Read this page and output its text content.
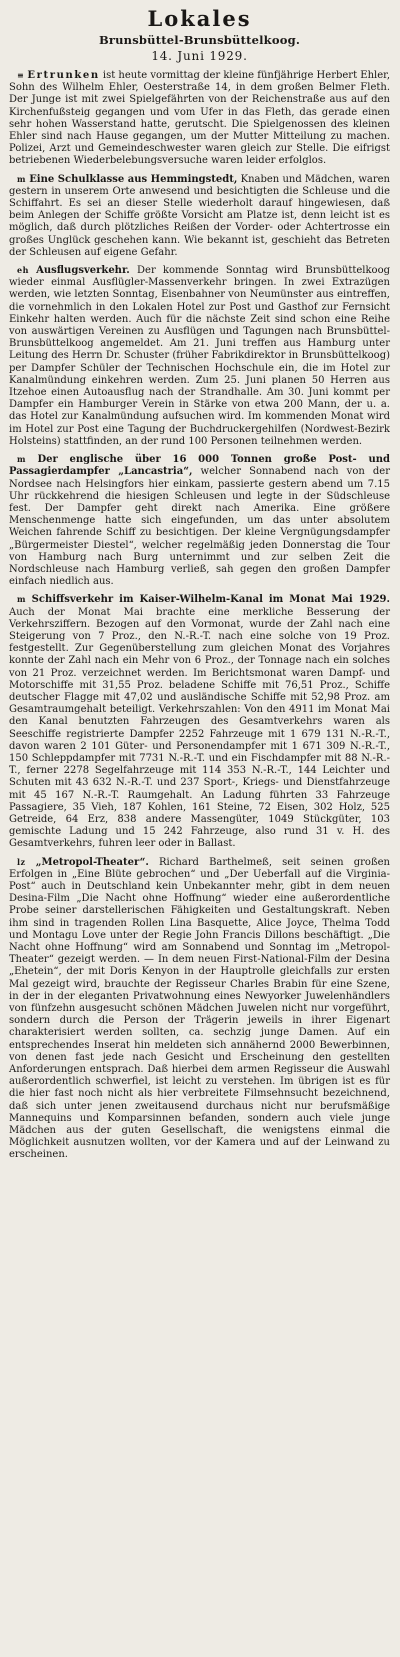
Lokales
Brunsbüttel-Brunsbüttelkoog.
14. Juni 1929.

≡ Ertrunken ist heute vormittag der kleine fünfjährige Herbert Ehler, Sohn des Wilhelm Ehler, Oesterstraße 14, in dem großen Belmer Fleth. Der Junge ist mit zwei Spielgefährten von der Reichenstraße aus auf den Kirchenfußsteig gegangen und vom Ufer in das Fleth, das gerade einen sehr hohen Wasserstand hatte, gerutscht. Die Spielgenossen des kleinen Ehler sind nach Hause gegangen, um der Mutter Mitteilung zu machen. Polizei, Arzt und Gemeindeschwester waren gleich zur Stelle. Die eifrigst betriebenen Wiederbelebungsversuche waren leider erfolglos.

m Eine Schulklasse aus Hemmingstedt, Knaben und Mädchen, waren gestern in unserem Orte anwesend und besichtigten die Schleuse und die Schiffahrt. Es sei an dieser Stelle wiederholt darauf hingewiesen, daß beim Anlegen der Schiffe größte Vorsicht am Platze ist, denn leicht ist es möglich, daß durch plötzliches Reißen der Vorder- oder Achtertrosse ein großes Unglück geschehen kann. Wie bekannt ist, geschieht das Betreten der Schleusen auf eigene Gefahr.

eh Ausflugsverkehr. Der kommende Sonntag wird Brunsbüttelkoog wieder einmal Ausflügler-Massenverkehr bringen. In zwei Extrazügen werden, wie letzten Sonntag, Eisenbahner von Neumünster aus eintreffen, die vornehmlich in den Lokalen Hotel zur Post und Gasthof zur Fernsicht Einkehr halten werden. Auch für die nächste Zeit sind schon eine Reihe von auswärtigen Vereinen zu Ausflügen und Tagungen nach Brunsbüttel-Brunsbüttelkoog angemeldet. Am 21. Juni treffen aus Hamburg unter Leitung des Herrn Dr. Schuster (früher Fabrikdirektor in Brunsbüttelkoog) per Dampfer Schüler der Technischen Hochschule ein, die im Hotel zur Kanalmündung einkehren werden. Zum 25. Juni planen 50 Herren aus Itzehoe einen Autoausflug nach der Strandhalle. Am 30. Juni kommt per Dampfer ein Hamburger Verein in Stärke von etwa 200 Mann, der u. a. das Hotel zur Kanalmündung aufsuchen wird. Im kommenden Monat wird im Hotel zur Post eine Tagung der Buchdruckergehilfen (Nordwest-Bezirk Holsteins) stattfinden, an der rund 100 Personen teilnehmen werden.

m Der englische über 16 000 Tonnen große Post- und Passagierdampfer „Lancastria“, welcher Sonnabend nach von der Nordsee nach Helsingfors hier einkam, passierte gestern abend um 7.15 Uhr rückkehrend die hiesigen Schleusen und legte in der Südschleuse fest. Der Dampfer geht direkt nach Amerika. Eine größere Menschenmenge hatte sich eingefunden, um das unter absolutem Weichen fahrende Schiff zu besichtigen. Der kleine Vergnügungsdampfer „Bürgermeister Diestel“, welcher regelmäßig jeden Donnerstag die Tour von Hamburg nach Burg unternimmt und zur selben Zeit die Nordschleuse nach Hamburg verließ, sah gegen den großen Dampfer einfach niedlich aus.

m Schiffsverkehr im Kaiser-Wilhelm-Kanal im Monat Mai 1929. Auch der Monat Mai brachte eine merkliche Besserung der Verkehrsziffern. Bezogen auf den Vormonat, wurde der Zahl nach eine Steigerung von 7 Proz., den N.-R.-T. nach eine solche von 19 Proz. festgestellt. Zur Gegenüberstellung zum gleichen Monat des Vorjahres konnte der Zahl nach ein Mehr von 6 Proz., der Tonnage nach ein solches von 21 Proz. verzeichnet werden. Im Berichtsmonat waren Dampf- und Motorschiffe mit 31,55 Proz. beladene Schiffe mit 76,51 Proz., Schiffe deutscher Flagge mit 47,02 und ausländische Schiffe mit 52,98 Proz. am Gesamtraumgehalt beteiligt. Verkehrszahlen: Von den 4911 im Monat Mai den Kanal benutzten Fahrzeugen des Gesamtverkehrs waren als Seeschiffe registrierte Dampfer 2252 Fahrzeuge mit 1 679 131 N.-R.-T., davon waren 2 101 Güter- und Personendampfer mit 1 671 309 N.-R.-T., 150 Schleppdampfer mit 7731 N.-R.-T. und ein Fischdampfer mit 88 N.-R.-T., ferner 2278 Segelfahrzeuge mit 114 353 N.-R.-T., 144 Leichter und Schuten mit 43 632 N.-R.-T. und 237 Sport-, Kriegs- und Dienstfahrzeuge mit 45 167 N.-R.-T. Raumgehalt. An Ladung führten 33 Fahrzeuge Passagiere, 35 Vieh, 187 Kohlen, 161 Steine, 72 Eisen, 302 Holz, 525 Getreide, 64 Erz, 838 andere Massengüter, 1049 Stückgüter, 103 gemischte Ladung und 15 242 Fahrzeuge, also rund 31 v. H. des Gesamtverkehrs, fuhren leer oder in Ballast.

lz „Metropol-Theater“. Richard Barthelmeß, seit seinen großen Erfolgen in „Eine Blüte gebrochen“ und „Der Ueberfall auf die Virginia-Post“ auch in Deutschland kein Unbekannter mehr, gibt in dem neuen Desina-Film „Die Nacht ohne Hoffnung“ wieder eine außerordentliche Probe seiner darstellerischen Fähigkeiten und Gestaltungskraft. Neben ihm sind in tragenden Rollen Lina Basquette, Alice Joyce, Thelma Todd und Montagu Love unter der Regie John Francis Dillons beschäftigt. „Die Nacht ohne Hoffnung“ wird am Sonnabend und Sonntag im „Metropol-Theater“ gezeigt werden. — In dem neuen First-National-Film der Desina „Ehetein“, der mit Doris Kenyon in der Hauptrolle gleichfalls zur ersten Mal gezeigt wird, brauchte der Regisseur Charles Brabin für eine Szene, in der in der eleganten Privatwohnung eines Newyorker Juwelenhändlers von fünfzehn ausgesucht schönen Mädchen Juwelen nicht nur vorgeführt, sondern durch die Person der Trägerin jeweils in ihrer Eigenart charakterisiert werden sollten, ca. sechzig junge Damen. Auf ein entsprechendes Inserat hin meldeten sich annähernd 2000 Bewerbinnen, von denen fast jede nach Gesicht und Erscheinung den gestellten Anforderungen entsprach. Daß hierbei dem armen Regisseur die Auswahl außerordentlich schwerfiel, ist leicht zu verstehen. Im übrigen ist es für die hier fast noch nicht als hier verbreitete Filmsehnsucht bezeichnend, daß sich unter jenen zweitausend durchaus nicht nur berufsmäßige Mannequins und Komparsinnen befanden, sondern auch viele junge Mädchen aus der guten Gesellschaft, die wenigstens einmal die Möglichkeit ausnutzen wollten, vor der Kamera und auf der Leinwand zu erscheinen.
